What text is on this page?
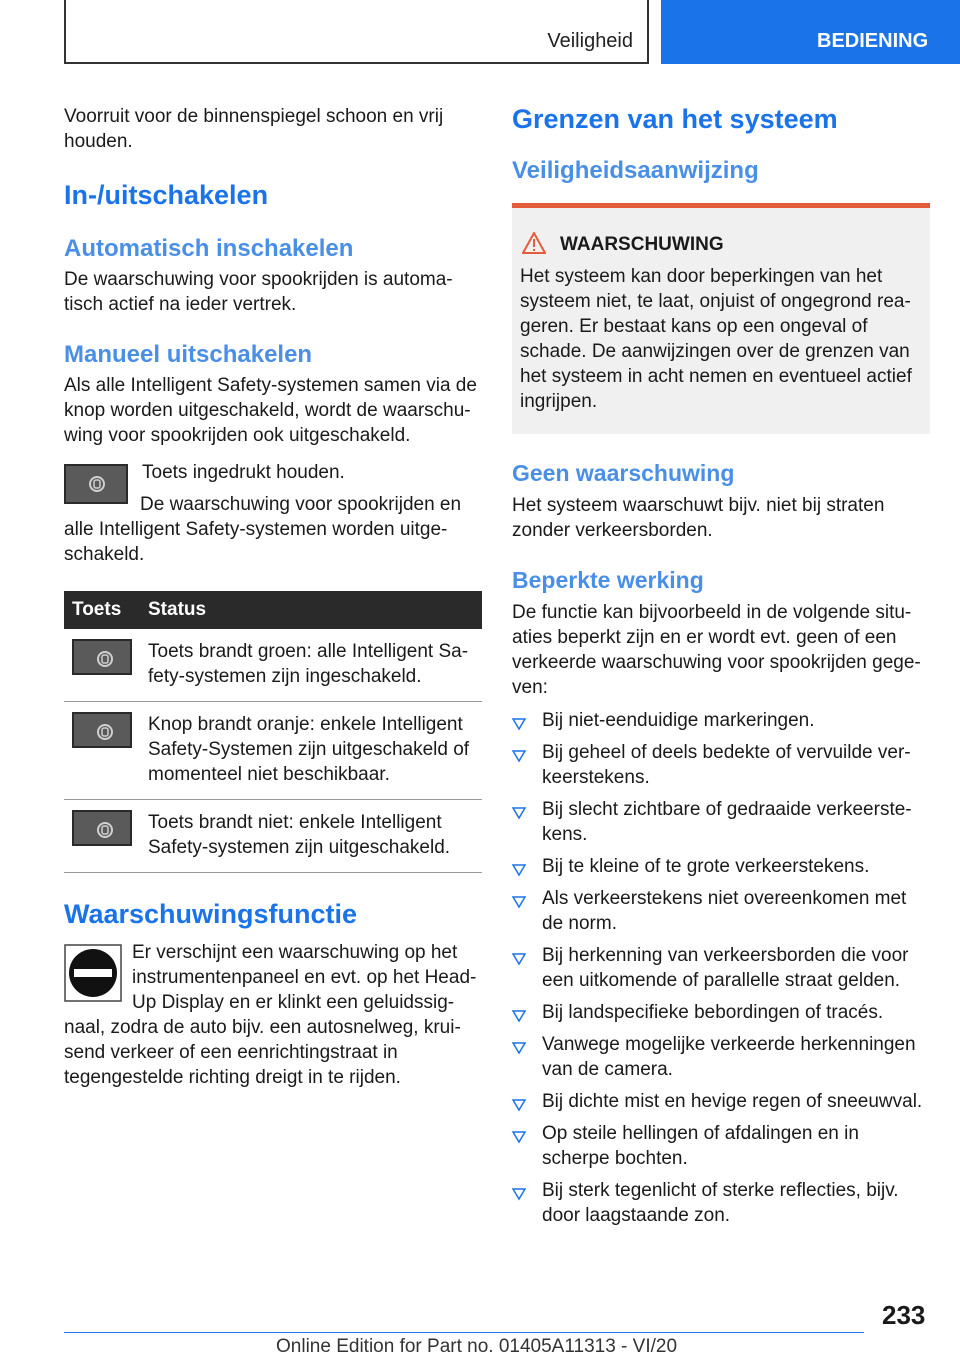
Veiligheid	BEDIENING

Voorruit voor de binnenspiegel schoon en vrij houden.

In-/uitschakelen
Automatisch inschakelen

De waarschuwing voor spookrijden is automa- tisch actief na ieder vertrek.

Manueel uitschakelen

Als alle Intelligent Safety-systemen samen via de knop worden uitgeschakeld, wordt de waarschu- wing voor spookrijden ook uitgeschakeld.

Toets ingedrukt houden.

De waarschuwing voor spookrijden en alle Intelligent Safety-systemen worden uitge- schakeld.

Toets	Status

	Toets brandt groen: alle Intelligent Sa- fety-systemen zijn ingeschakeld.

	Knop brandt oranje: enkele Intelligent Safety-Systemen zijn uitgeschakeld of momenteel niet beschikbaar.

	Toets brandt niet: enkele Intelligent Safety-systemen zijn uitgeschakeld.
Waarschuwingsfunctie

Er verschijnt een waarschuwing op het instrumentenpaneel en evt. op het Head- Up Display en er klinkt een geluidssig- naal, zodra de auto bijv. een autosnelweg, krui- send verkeer of een eenrichtingstraat in tegengestelde richting dreigt in te rijden.

Grenzen van het systeem
Veiligheidsaanwijzing
WAARSCHUWING

Het systeem kan door beperkingen van het systeem niet, te laat, onjuist of ongegrond rea- geren. Er bestaat kans op een ongeval of schade. De aanwijzingen over de grenzen van het systeem in acht nemen en eventueel actief ingrijpen.

Geen waarschuwing

Het systeem waarschuwt bijv. niet bij straten zonder verkeersborden.

Beperkte werking

De functie kan bijvoorbeeld in de volgende situ- aties beperkt zijn en er wordt evt. geen of een verkeerde waarschuwing voor spookrijden gege- ven:

Bij niet-eenduidige markeringen.
Bij geheel of deels bedekte of vervuilde ver- keerstekens.
Bij slecht zichtbare of gedraaide verkeerste- kens.
Bij te kleine of te grote verkeerstekens.
Als verkeerstekens niet overeenkomen met de norm.
Bij herkenning van verkeersborden die voor een uitkomende of parallelle straat gelden.
Bij landspecifieke bebordingen of tracés.
Vanwege mogelijke verkeerde herkenningen van de camera.
Bij dichte mist en hevige regen of sneeuwval.
Op steile hellingen of afdalingen en in scherpe bochten.
Bij sterk tegenlicht of sterke reflecties, bijv. door laagstaande zon.
233
Online Edition for Part no. 01405A11313 - VI/20
